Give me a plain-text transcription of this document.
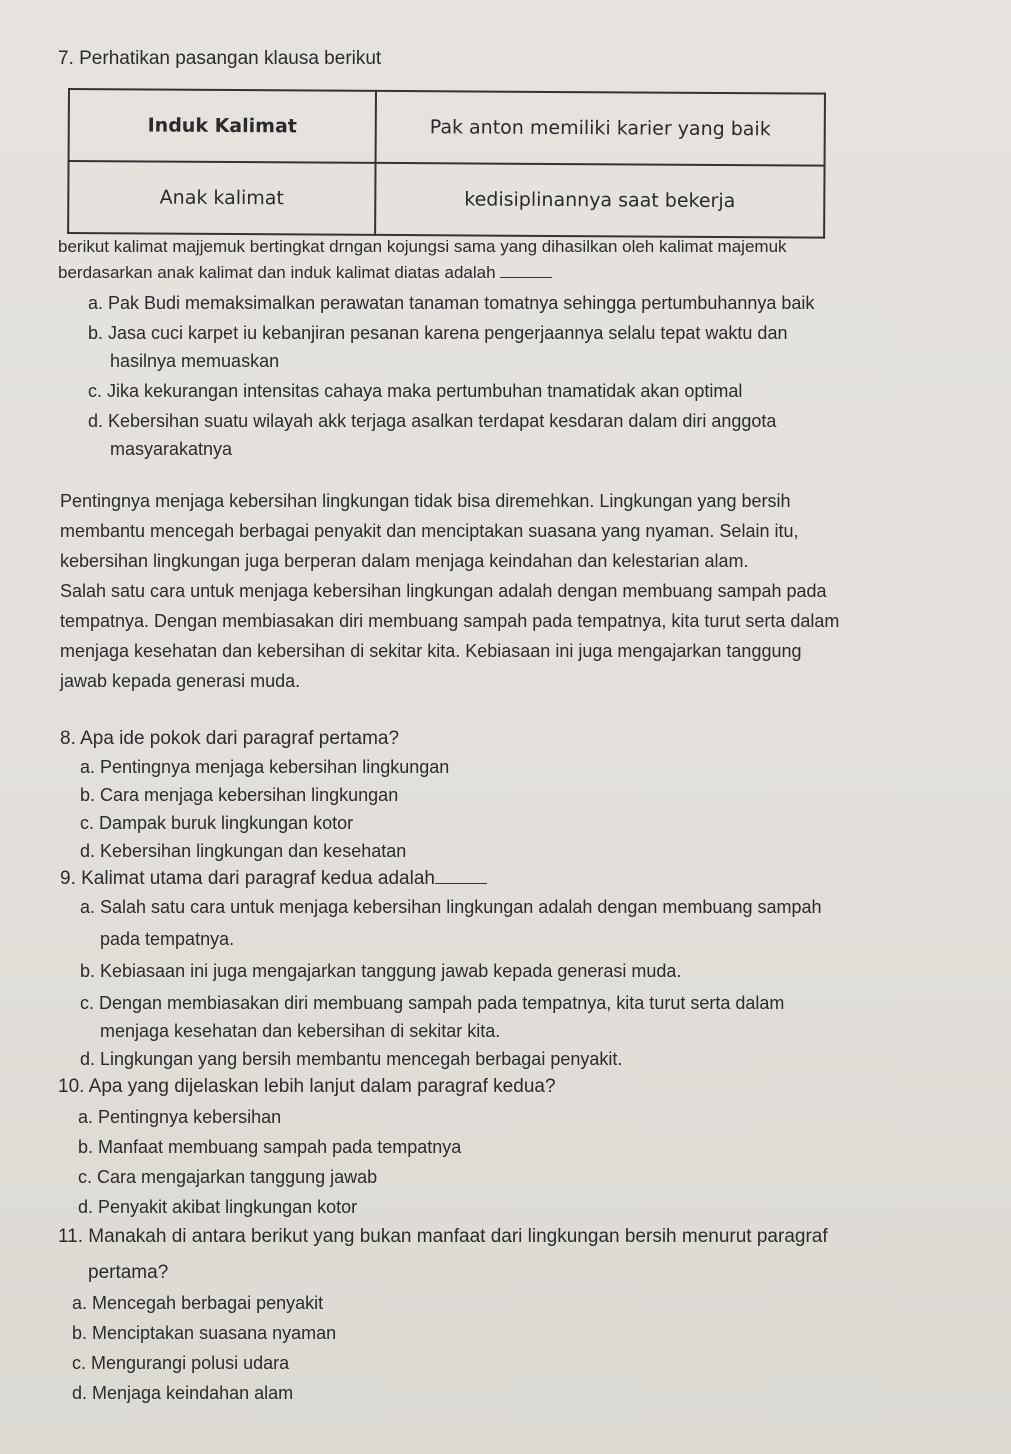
7. Perhatikan pasangan klausa berikut
Induk Kalimat	Pak anton memiliki karier yang baik
Anak kalimat	kedisiplinannya saat bekerja
berikut kalimat majjemuk bertingkat drngan kojungsi sama yang dihasilkan oleh kalimat majemuk
berdasarkan anak kalimat dan induk kalimat diatas adalah
a. Pak Budi memaksimalkan perawatan tanaman tomatnya sehingga pertumbuhannya baik
b. Jasa cuci karpet iu kebanjiran pesanan karena pengerjaannya selalu tepat waktu dan
hasilnya memuaskan
c. Jika kekurangan intensitas cahaya maka pertumbuhan tnamatidak akan optimal
d. Kebersihan suatu wilayah akk terjaga asalkan terdapat kesdaran dalam diri anggota
masyarakatnya
Pentingnya menjaga kebersihan lingkungan tidak bisa diremehkan. Lingkungan yang bersih
membantu mencegah berbagai penyakit dan menciptakan suasana yang nyaman. Selain itu,
kebersihan lingkungan juga berperan dalam menjaga keindahan dan kelestarian alam.
Salah satu cara untuk menjaga kebersihan lingkungan adalah dengan membuang sampah pada
tempatnya. Dengan membiasakan diri membuang sampah pada tempatnya, kita turut serta dalam
menjaga kesehatan dan kebersihan di sekitar kita. Kebiasaan ini juga mengajarkan tanggung
jawab kepada generasi muda.
8. Apa ide pokok dari paragraf pertama?
a. Pentingnya menjaga kebersihan lingkungan
b. Cara menjaga kebersihan lingkungan
c. Dampak buruk lingkungan kotor
d. Kebersihan lingkungan dan kesehatan
9. Kalimat utama dari paragraf kedua adalah
a. Salah satu cara untuk menjaga kebersihan lingkungan adalah dengan membuang sampah
pada tempatnya.
b. Kebiasaan ini juga mengajarkan tanggung jawab kepada generasi muda.
c. Dengan membiasakan diri membuang sampah pada tempatnya, kita turut serta dalam
menjaga kesehatan dan kebersihan di sekitar kita.
d. Lingkungan yang bersih membantu mencegah berbagai penyakit.
10. Apa yang dijelaskan lebih lanjut dalam paragraf kedua?
a. Pentingnya kebersihan
b. Manfaat membuang sampah pada tempatnya
c. Cara mengajarkan tanggung jawab
d. Penyakit akibat lingkungan kotor
11. Manakah di antara berikut yang bukan manfaat dari lingkungan bersih menurut paragraf
pertama?
a. Mencegah berbagai penyakit
b. Menciptakan suasana nyaman
c. Mengurangi polusi udara
d. Menjaga keindahan alam
